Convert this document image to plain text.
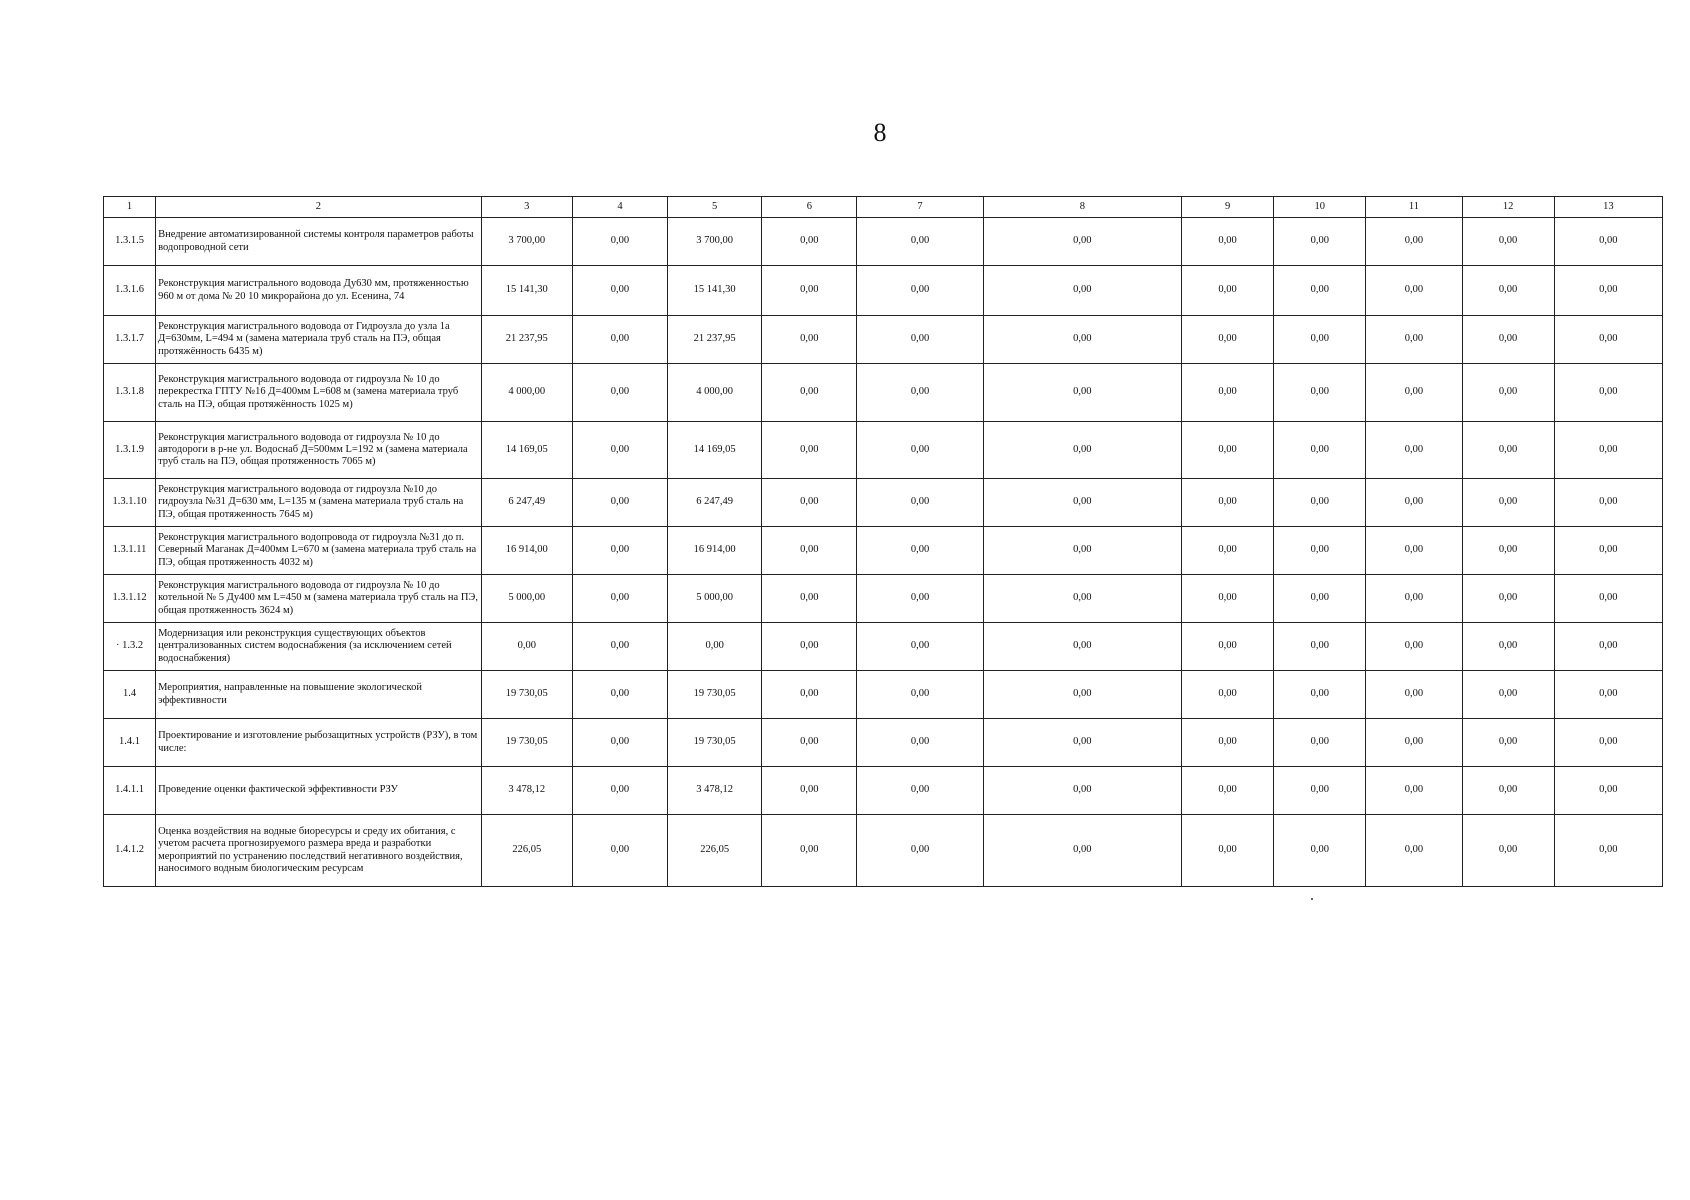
8
1	2	3	4	5	6	7	8	9	10	11	12	13
1.3.1.5	Внедрение автоматизированной системы контроля параметров работы водопроводной сети	3 700,00	0,00	3 700,00	0,00	0,00	0,00	0,00	0,00	0,00	0,00	0,00
1.3.1.6	Реконструкция магистрального водовода Ду630 мм, протяженностью 960 м от дома № 20 10 микрорайона до ул. Есенина, 74	15 141,30	0,00	15 141,30	0,00	0,00	0,00	0,00	0,00	0,00	0,00	0,00
1.3.1.7	Реконструкция магистрального водовода от Гидроузла до узла 1а Д=630мм, L=494 м (замена материала труб сталь на ПЭ, общая протяжённость 6435 м)	21 237,95	0,00	21 237,95	0,00	0,00	0,00	0,00	0,00	0,00	0,00	0,00
1.3.1.8	Реконструкция магистрального водовода от гидроузла № 10 до перекрестка ГПТУ №16 Д=400мм L=608 м (замена материала труб сталь на ПЭ, общая протяжённость 1025 м)	4 000,00	0,00	4 000,00	0,00	0,00	0,00	0,00	0,00	0,00	0,00	0,00
1.3.1.9	Реконструкция магистрального водовода от гидроузла № 10 до автодороги в р-не ул. Водоснаб Д=500мм L=192 м (замена материала труб сталь на ПЭ, общая протяженность 7065 м)	14 169,05	0,00	14 169,05	0,00	0,00	0,00	0,00	0,00	0,00	0,00	0,00
1.3.1.10	Реконструкция магистрального водовода от гидроузла №10 до гидроузла №31 Д=630 мм, L=135 м (замена материала труб сталь на ПЭ, общая протяженность 7645 м)	6 247,49	0,00	6 247,49	0,00	0,00	0,00	0,00	0,00	0,00	0,00	0,00
1.3.1.11	Реконструкция магистрального водопровода от гидроузла №31 до п. Северный Маганак Д=400мм L=670 м (замена материала труб сталь на ПЭ, общая протяженность 4032 м)	16 914,00	0,00	16 914,00	0,00	0,00	0,00	0,00	0,00	0,00	0,00	0,00
1.3.1.12	Реконструкция магистрального водовода от гидроузла № 10 до котельной № 5 Ду400 мм L=450 м (замена материала труб сталь на ПЭ, общая протяженность 3624 м)	5 000,00	0,00	5 000,00	0,00	0,00	0,00	0,00	0,00	0,00	0,00	0,00
· 1.3.2	Модернизация или реконструкция существующих объектов централизованных систем водоснабжения (за исключением сетей водоснабжения)	0,00	0,00	0,00	0,00	0,00	0,00	0,00	0,00	0,00	0,00	0,00
1.4	Мероприятия, направленные на повышение экологической эффективности	19 730,05	0,00	19 730,05	0,00	0,00	0,00	0,00	0,00	0,00	0,00	0,00
1.4.1	Проектирование и изготовление рыбозащитных устройств (РЗУ), в том числе:	19 730,05	0,00	19 730,05	0,00	0,00	0,00	0,00	0,00	0,00	0,00	0,00
1.4.1.1	Проведение оценки фактической эффективности РЗУ	3 478,12	0,00	3 478,12	0,00	0,00	0,00	0,00	0,00	0,00	0,00	0,00
1.4.1.2	Оценка воздействия на водные биоресурсы и среду их обитания, с учетом расчета прогнозируемого размера вреда и разработки мероприятий по устранению последствий негативного воздействия, наносимого водным биологическим ресурсам	226,05	0,00	226,05	0,00	0,00	0,00	0,00	0,00	0,00	0,00	0,00
